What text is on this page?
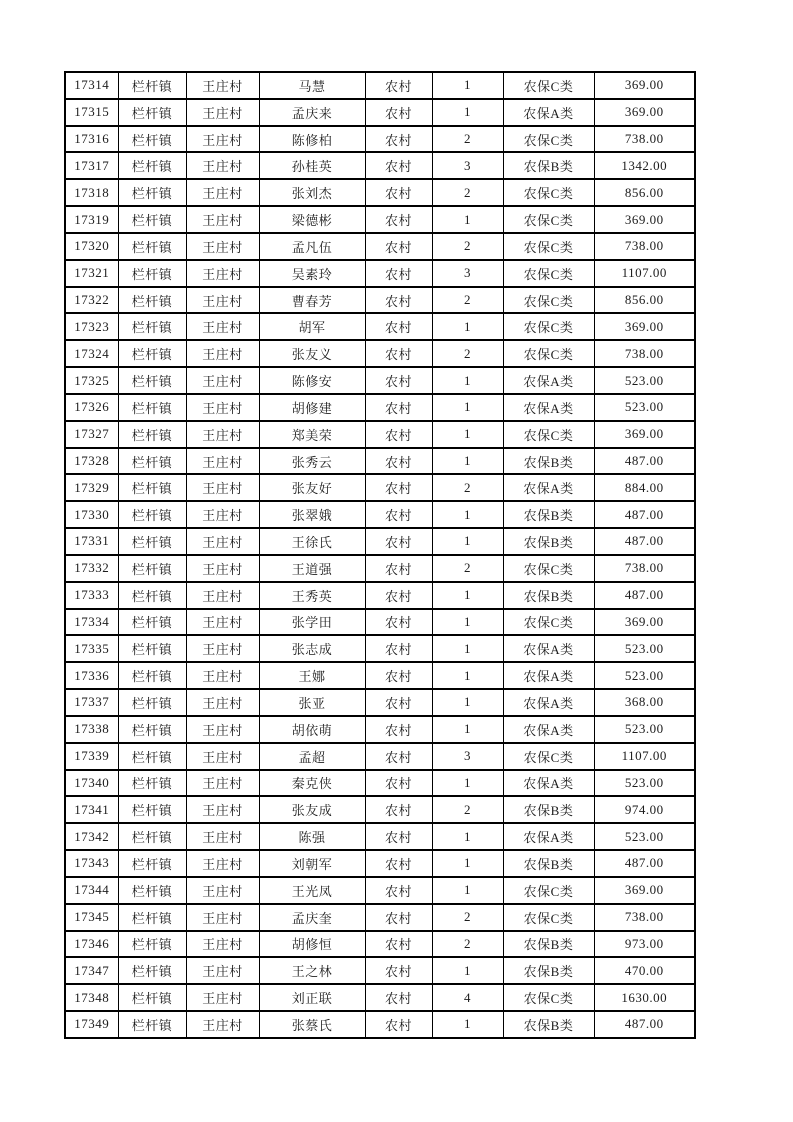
17314	栏杆镇	王庄村	马慧	农村	1	农保C类	369.00
17315	栏杆镇	王庄村	孟庆来	农村	1	农保A类	369.00
17316	栏杆镇	王庄村	陈修柏	农村	2	农保C类	738.00
17317	栏杆镇	王庄村	孙桂英	农村	3	农保B类	1342.00
17318	栏杆镇	王庄村	张刘杰	农村	2	农保C类	856.00
17319	栏杆镇	王庄村	梁德彬	农村	1	农保C类	369.00
17320	栏杆镇	王庄村	孟凡伍	农村	2	农保C类	738.00
17321	栏杆镇	王庄村	吴素玲	农村	3	农保C类	1107.00
17322	栏杆镇	王庄村	曹春芳	农村	2	农保C类	856.00
17323	栏杆镇	王庄村	胡军	农村	1	农保C类	369.00
17324	栏杆镇	王庄村	张友义	农村	2	农保C类	738.00
17325	栏杆镇	王庄村	陈修安	农村	1	农保A类	523.00
17326	栏杆镇	王庄村	胡修建	农村	1	农保A类	523.00
17327	栏杆镇	王庄村	郑美荣	农村	1	农保C类	369.00
17328	栏杆镇	王庄村	张秀云	农村	1	农保B类	487.00
17329	栏杆镇	王庄村	张友好	农村	2	农保A类	884.00
17330	栏杆镇	王庄村	张翠娥	农村	1	农保B类	487.00
17331	栏杆镇	王庄村	王徐氏	农村	1	农保B类	487.00
17332	栏杆镇	王庄村	王道强	农村	2	农保C类	738.00
17333	栏杆镇	王庄村	王秀英	农村	1	农保B类	487.00
17334	栏杆镇	王庄村	张学田	农村	1	农保C类	369.00
17335	栏杆镇	王庄村	张志成	农村	1	农保A类	523.00
17336	栏杆镇	王庄村	王娜	农村	1	农保A类	523.00
17337	栏杆镇	王庄村	张亚	农村	1	农保A类	368.00
17338	栏杆镇	王庄村	胡依萌	农村	1	农保A类	523.00
17339	栏杆镇	王庄村	孟超	农村	3	农保C类	1107.00
17340	栏杆镇	王庄村	秦克侠	农村	1	农保A类	523.00
17341	栏杆镇	王庄村	张友成	农村	2	农保B类	974.00
17342	栏杆镇	王庄村	陈强	农村	1	农保A类	523.00
17343	栏杆镇	王庄村	刘朝军	农村	1	农保B类	487.00
17344	栏杆镇	王庄村	王光凤	农村	1	农保C类	369.00
17345	栏杆镇	王庄村	孟庆奎	农村	2	农保C类	738.00
17346	栏杆镇	王庄村	胡修恒	农村	2	农保B类	973.00
17347	栏杆镇	王庄村	王之林	农村	1	农保B类	470.00
17348	栏杆镇	王庄村	刘正联	农村	4	农保C类	1630.00
17349	栏杆镇	王庄村	张蔡氏	农村	1	农保B类	487.00
